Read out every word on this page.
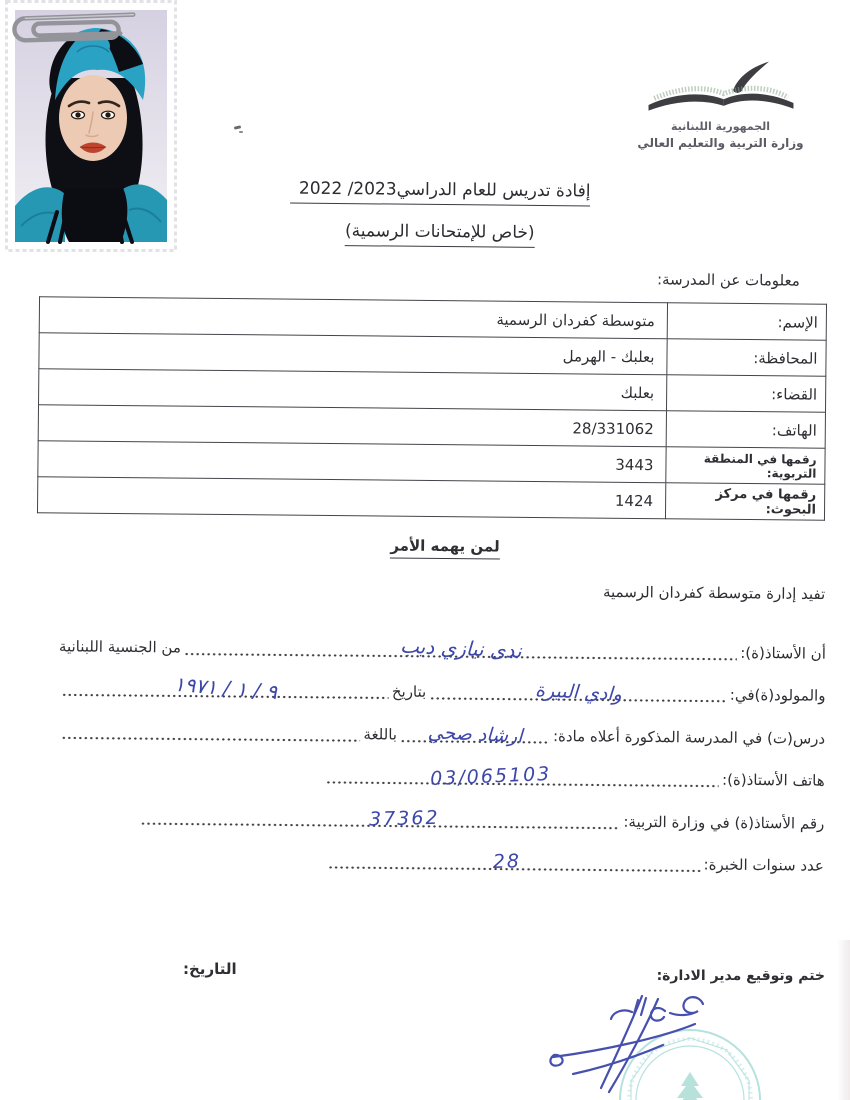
الجمهورية اللبنانية
وزارة التربية والتعليم العالي
إفادة تدريس للعام الدراسي2022 /2023
(خاص للإمتحانات الرسمية)
معلومات عن المدرسة:
الإسم:	متوسطة كفردان الرسمية
المحافظة:	بعلبك - الهرمل
القضاء:	بعلبك
الهاتف:	28/331062
رقمها في المنطقة التربوية:	3443
رقمها في مركز البحوث:	1424
لمن يهمه الأمر
تفيد إدارة متوسطة كفردان الرسمية
أن الأستاذ(ة):
ندى نيازي ديب
من الجنسية اللبنانية
والمولود(ة)في:
وادي البيرة
بتاريخ
٩ / ١ / ١٩٧١
درس(ت) في المدرسة المذكورة أعلاه مادة:
ارشاد صحي
باللغة
هاتف الأستاذ(ة):
03/065103
رقم الأستاذ(ة) في وزارة التربية:
37362
عدد سنوات الخبرة:
28
ختم وتوقيع مدير الادارة:
التاريخ:
